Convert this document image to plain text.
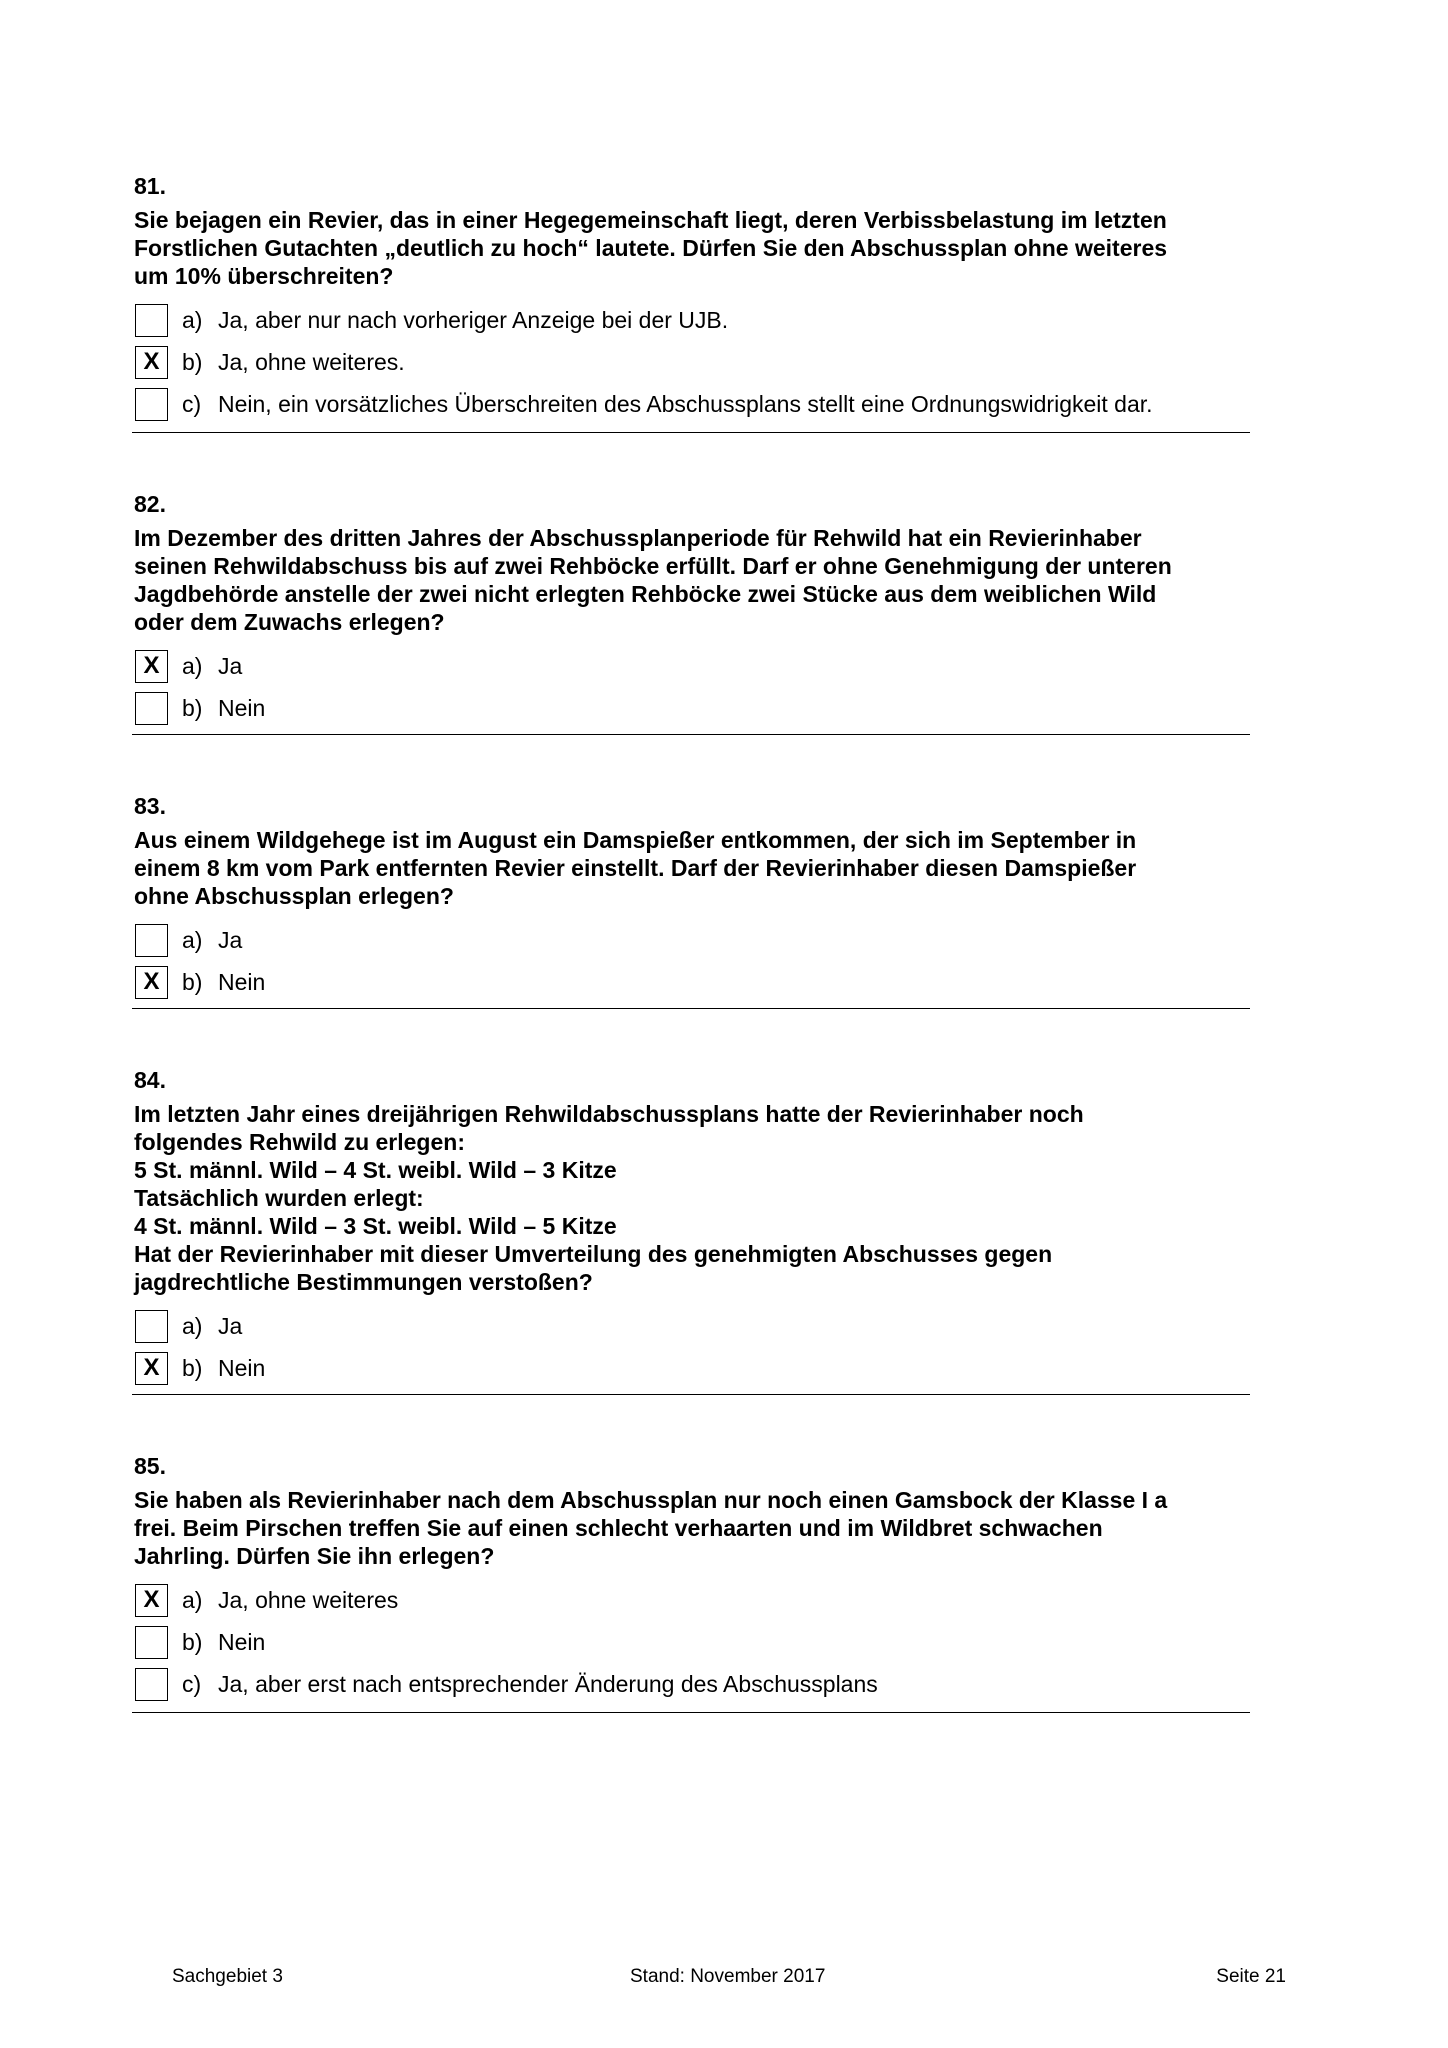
81.
Sie bejagen ein Revier, das in einer Hegegemeinschaft liegt, deren Verbissbelastung im letzten
Forstlichen Gutachten „deutlich zu hoch“ lautete. Dürfen Sie den Abschussplan ohne weiteres
um 10% überschreiten?
a) Ja, aber nur nach vorheriger Anzeige bei der UJB.
X b) Ja, ohne weiteres.
c) Nein, ein vorsätzliches Überschreiten des Abschussplans stellt eine Ordnungswidrigkeit dar.
82.
Im Dezember des dritten Jahres der Abschussplanperiode für Rehwild hat ein Revierinhaber
seinen Rehwildabschuss bis auf zwei Rehböcke erfüllt. Darf er ohne Genehmigung der unteren
Jagdbehörde anstelle der zwei nicht erlegten Rehböcke zwei Stücke aus dem weiblichen Wild
oder dem Zuwachs erlegen?
X a) Ja
b) Nein
83.
Aus einem Wildgehege ist im August ein Damspießer entkommen, der sich im September in
einem 8 km vom Park entfernten Revier einstellt. Darf der Revierinhaber diesen Damspießer
ohne Abschussplan erlegen?
a) Ja
X b) Nein
84.
Im letzten Jahr eines dreijährigen Rehwildabschussplans hatte der Revierinhaber noch
folgendes Rehwild zu erlegen:
5 St. männl. Wild – 4 St. weibl. Wild – 3 Kitze
Tatsächlich wurden erlegt:
4 St. männl. Wild – 3 St. weibl. Wild – 5 Kitze
Hat der Revierinhaber mit dieser Umverteilung des genehmigten Abschusses gegen
jagdrechtliche Bestimmungen verstoßen?
a) Ja
X b) Nein
85.
Sie haben als Revierinhaber nach dem Abschussplan nur noch einen Gamsbock der Klasse I a
frei. Beim Pirschen treffen Sie auf einen schlecht verhaarten und im Wildbret schwachen
Jahrling. Dürfen Sie ihn erlegen?
X a) Ja, ohne weiteres
b) Nein
c) Ja, aber erst nach entsprechender Änderung des Abschussplans
Sachgebiet 3	Stand: November 2017	Seite 21
